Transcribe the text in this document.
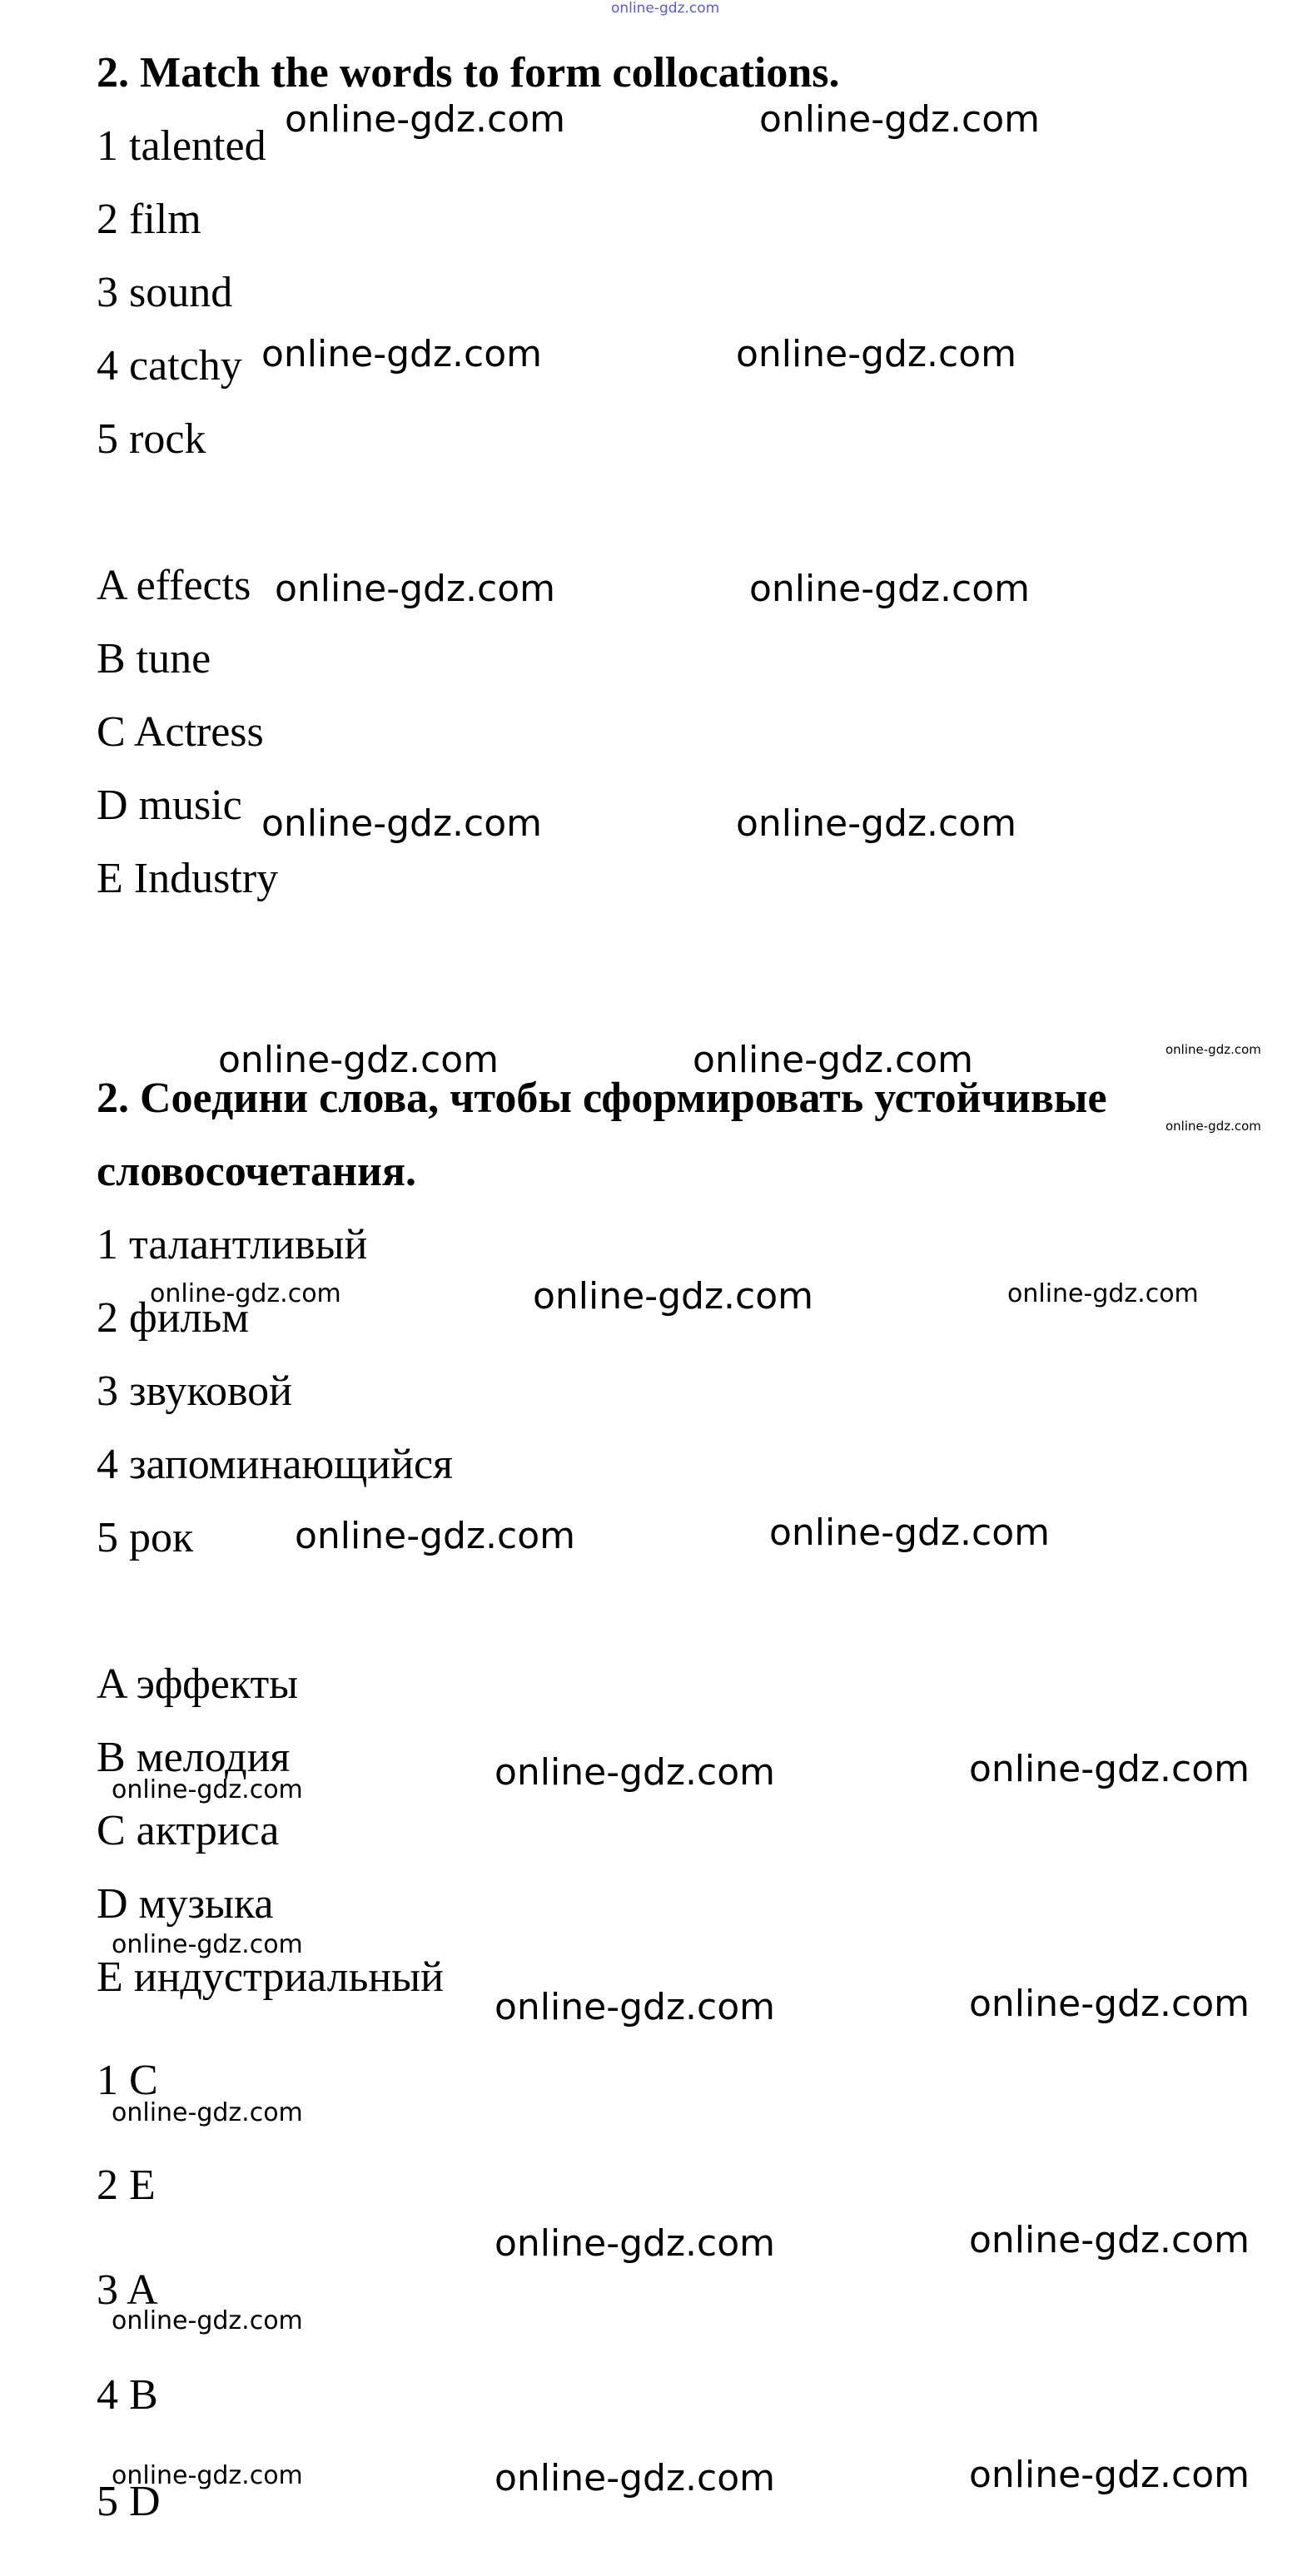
2. Match the words to form collocations.
1 talented
2 film
3 sound
4 catchy
5 rock
A effects
B tune
C Actress
D music
E Industry
2. Соедини слова, чтобы сформировать устойчивые
словосочетания.
1 талантливый
2 фильм
3 звуковой
4 запоминающийся
5 рок
A эффекты
B мелодия
C актриса
D музыка
E индустриальный
1 C
2 E
3 A
4 B
5 D
online-gdz.com
online-gdz.com	online-gdz.com
online-gdz.com	online-gdz.com
online-gdz.com	online-gdz.com
online-gdz.com	online-gdz.com
online-gdz.com	online-gdz.com	online-gdz.com
online-gdz.com
online-gdz.com	online-gdz.com	online-gdz.com
online-gdz.com	online-gdz.com
online-gdz.com	online-gdz.com
online-gdz.com
online-gdz.com
online-gdz.com	online-gdz.com
online-gdz.com
online-gdz.com	online-gdz.com
online-gdz.com
online-gdz.com	online-gdz.com	online-gdz.com
